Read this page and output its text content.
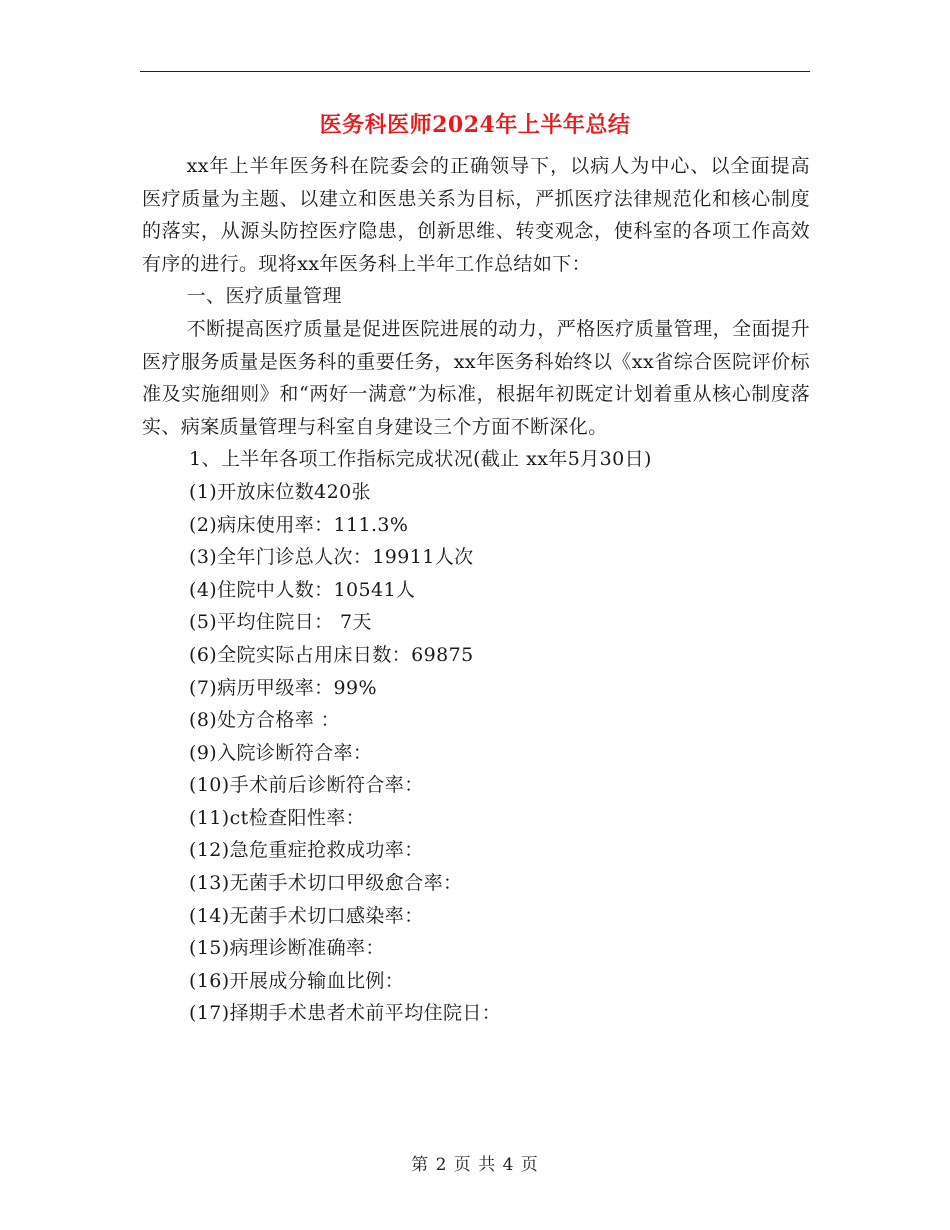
医务科医师2024年上半年总结

xx年上半年医务科在院委会的正确领导下，以病人为中心、以全面提高医疗质量为主题、以建立和医患关系为目标，严抓医疗法律规范化和核心制度的落实，从源头防控医疗隐患，创新思维、转变观念，使科室的各项工作高效有序的进行。现将xx年医务科上半年工作总结如下：

一、医疗质量管理

不断提高医疗质量是促进医院进展的动力，严格医疗质量管理，全面提升医疗服务质量是医务科的重要任务，xx年医务科始终以《xx省综合医院评价标准及实施细则》和“两好一满意”为标准，根据年初既定计划着重从核心制度落实、病案质量管理与科室自身建设三个方面不断深化。

1、上半年各项工作指标完成状况(截止 xx年5月30日)

(1)开放床位数420张

(2)病床使用率：111.3%

(3)全年门诊总人次：19911人次

(4)住院中人数：10541人

(5)平均住院日： 7天

(6)全院实际占用床日数：69875

(7)病历甲级率：99%

(8)处方合格率 ：

(9)入院诊断符合率：

(10)手术前后诊断符合率：

(11)ct检查阳性率：

(12)急危重症抢救成功率：

(13)无菌手术切口甲级愈合率：

(14)无菌手术切口感染率：

(15)病理诊断准确率：

(16)开展成分输血比例：

(17)择期手术患者术前平均住院日：

第 2 页 共 4 页
